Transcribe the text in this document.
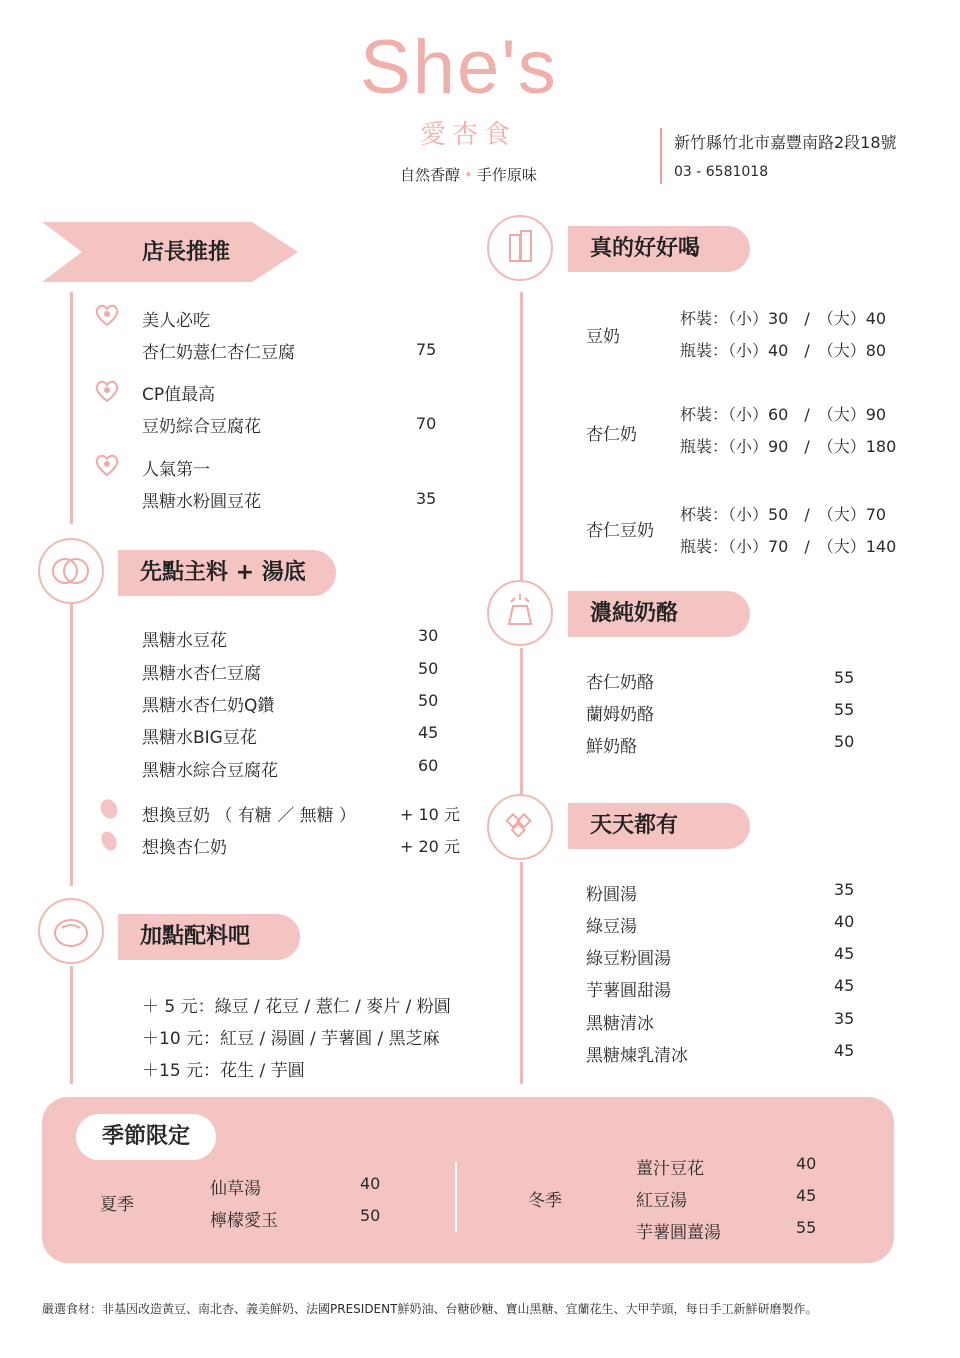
She's
愛杏食
自然香醇 • 手作原味
新竹縣竹北市嘉豐南路2段18號
03 - 6581018
店長推推
美人必吃
杏仁奶薏仁杏仁豆腐	75
CP值最高
豆奶綜合豆腐花	70
人氣第一
黑糖水粉圓豆花	35
先點主料 + 湯底
黑糖水豆花	30
黑糖水杏仁豆腐	50
黑糖水杏仁奶Q鑽	50
黑糖水BIG豆花	45
黑糖水綜合豆腐花	60
想換豆奶 （ 有糖 ／ 無糖 ）	+ 10 元
想換杏仁奶	+ 20 元
加點配料吧
＋ 5 元：綠豆 / 花豆 / 薏仁 / 麥片 / 粉圓
＋10 元：紅豆 / 湯圓 / 芋薯圓 / 黑芝麻
＋15 元：花生 / 芋圓
真的好好喝
豆奶
杯裝：（小）30　/　（大）40
瓶裝：（小）40　/　（大）80
杏仁奶
杯裝：（小）60　/　（大）90
瓶裝：（小）90　/　（大）180
杏仁豆奶
杯裝：（小）50　/　（大）70
瓶裝：（小）70　/　（大）140
濃純奶酪
杏仁奶酪	55
蘭姆奶酪	55
鮮奶酪	50
天天都有
粉圓湯	35
綠豆湯	40
綠豆粉圓湯	45
芋薯圓甜湯	45
黑糖清冰	35
黑糖煉乳清冰	45
季節限定
夏季
仙草湯	40
檸檬愛玉	50
冬季
薑汁豆花	40
紅豆湯	45
芋薯圓薑湯	55
嚴選食材：非基因改造黃豆、南北杏、義美鮮奶、法國PRESIDENT鮮奶油、台糖砂糖、寶山黑糖、宜蘭花生、大甲芋頭，每日手工新鮮研磨製作。
